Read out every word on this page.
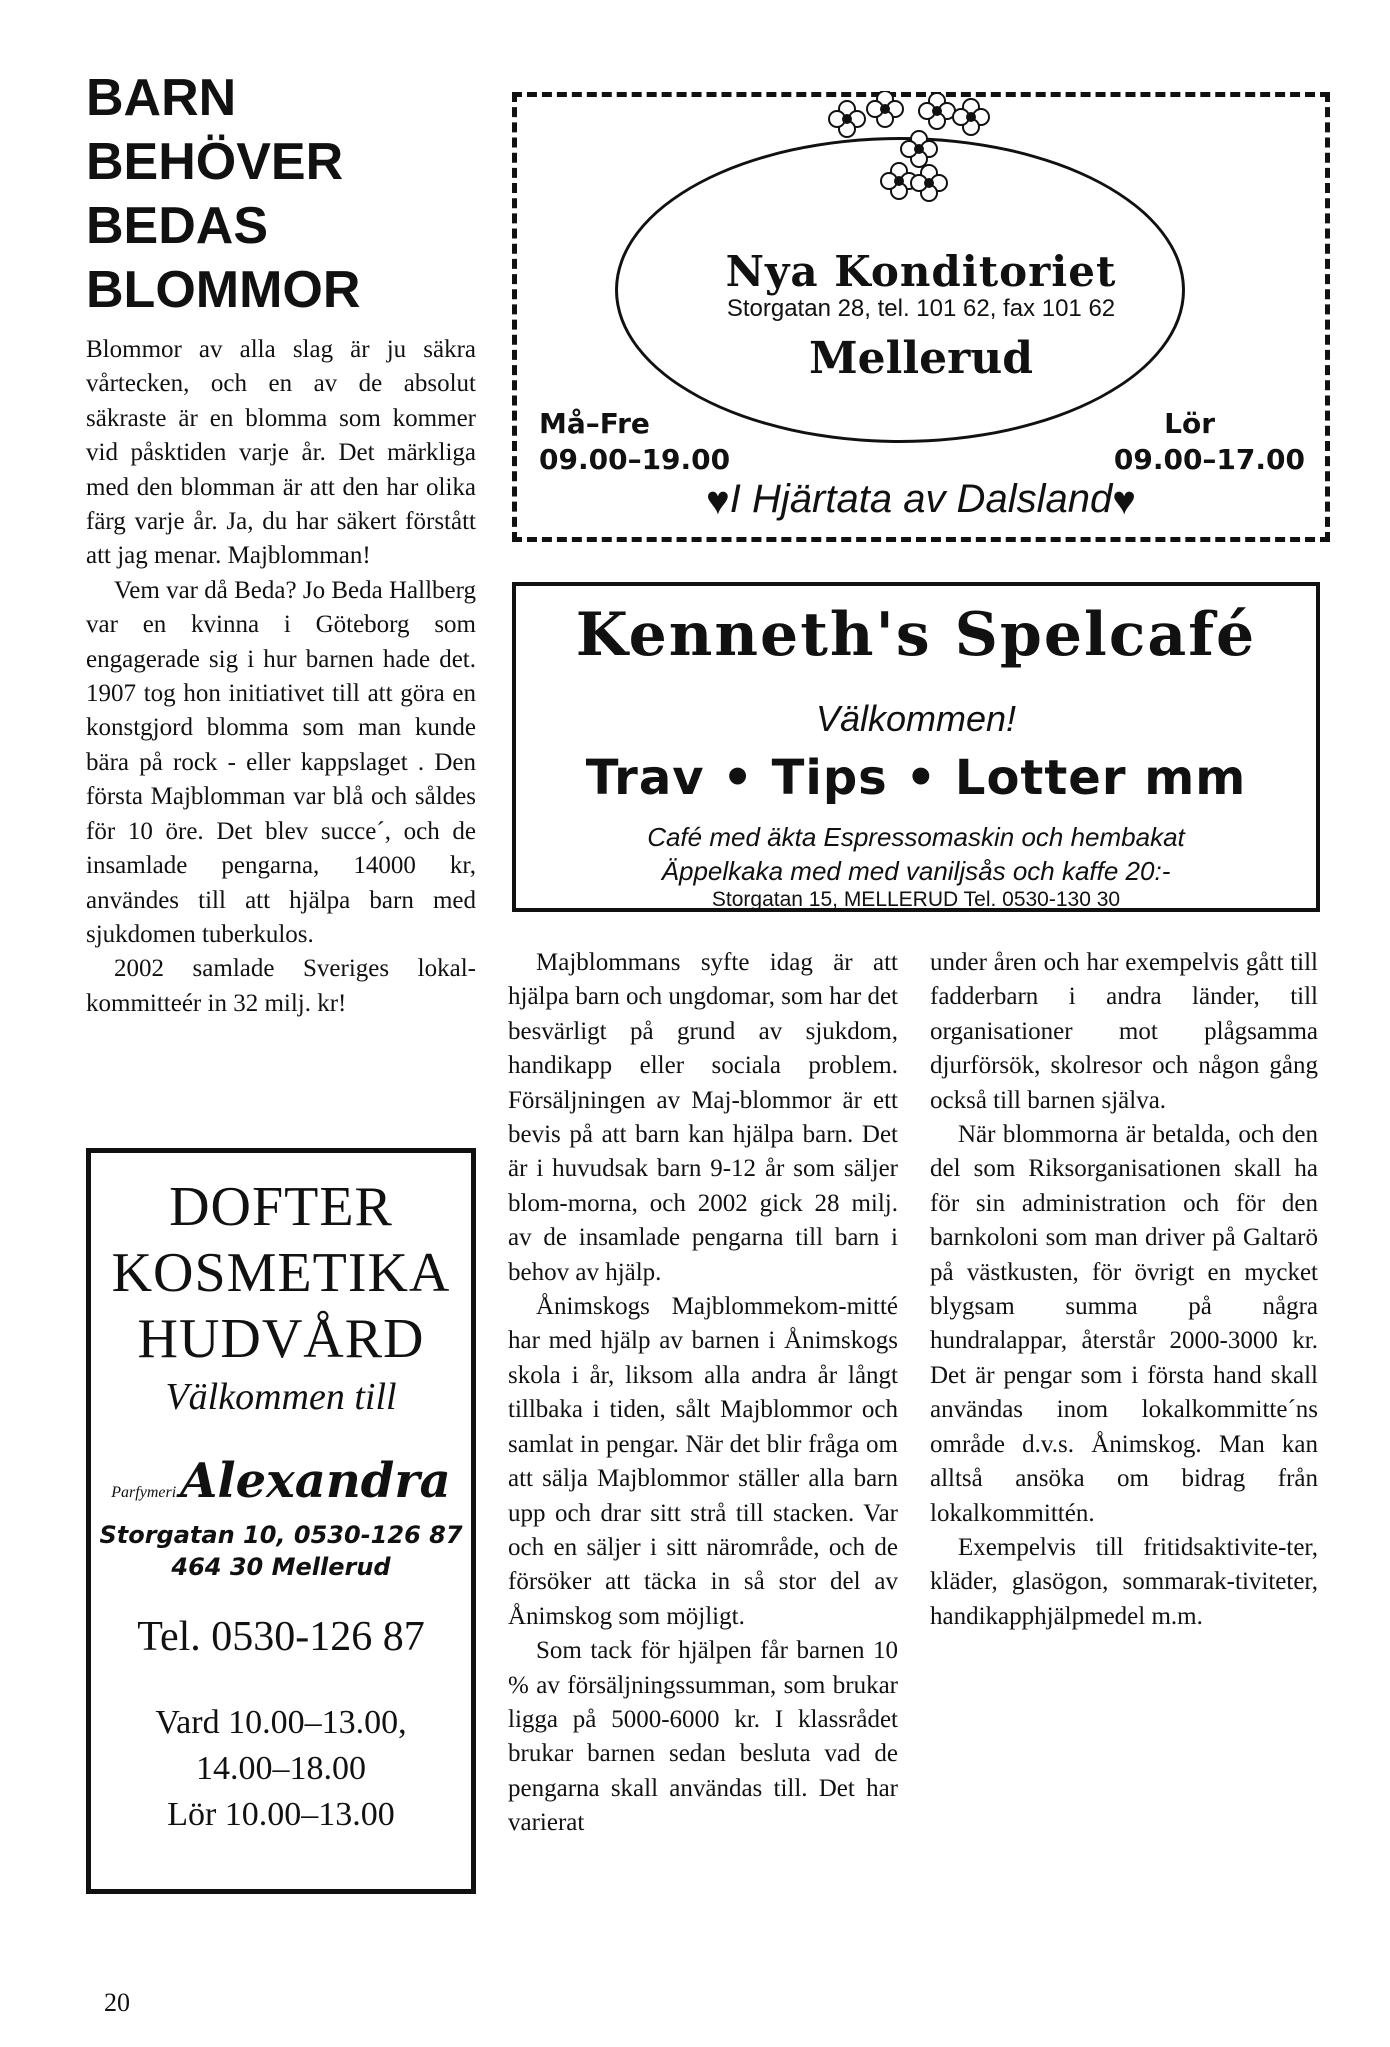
BARN
BEHÖVER
BEDAS
BLOMMOR

Blommor av alla slag är ju säkra vårtecken, och en av de absolut säkraste är en blomma som kommer vid påsktiden varje år. Det märkliga med den blomman är att den har olika färg varje år. Ja, du har säkert förstått att jag menar. Majblomman!

Vem var då Beda? Jo Beda Hallberg var en kvinna i Göteborg som engagerade sig i hur barnen hade det. 1907 tog hon initiativet till att göra en konstgjord blomma som man kunde bära på rock - eller kappslaget . Den första Majblomman var blå och såldes för 10 öre. Det blev succe´, och de insamlade pengarna, 14000 kr, användes till att hjälpa barn med sjukdomen tuberkulos.

2002 samlade Sveriges lokal-kommitteér in 32 milj. kr!

Nya Konditoriet
Storgatan 28, tel. 101 62, fax 101 62
Mellerud
Må–Fre
09.00–19.00
Lör
09.00–17.00
♥I Hjärtata av Dalsland♥
Kenneth's Spelcafé
Välkommen!
Trav • Tips • Lotter mm
Café med äkta Espressomaskin och hembakat
Äppelkaka med med vaniljsås och kaffe 20:-
Storgatan 15, MELLERUD Tel. 0530-130 30

Majblommans syfte idag är att hjälpa barn och ungdomar, som har det besvärligt på grund av sjukdom, handikapp eller sociala problem. Försäljningen av Maj-blommor är ett bevis på att barn kan hjälpa barn. Det är i huvudsak barn 9-12 år som säljer blom-morna, och 2002 gick 28 milj. av de insamlade pengarna till barn i behov av hjälp.

Ånimskogs Majblommekom-mitté har med hjälp av barnen i Ånimskogs skola i år, liksom alla andra år långt tillbaka i tiden, sålt Majblommor och samlat in pengar. När det blir fråga om att sälja Majblommor ställer alla barn upp och drar sitt strå till stacken. Var och en säljer i sitt närområde, och de försöker att täcka in så stor del av Ånimskog som möjligt.

Som tack för hjälpen får barnen 10 % av försäljningssumman, som brukar ligga på 5000-6000 kr. I klassrådet brukar barnen sedan besluta vad de pengarna skall användas till. Det har varierat

under åren och har exempelvis gått till fadderbarn i andra länder, till organisationer mot plågsamma djurförsök, skolresor och någon gång också till barnen själva.

När blommorna är betalda, och den del som Riksorganisationen skall ha för sin administration och för den barnkoloni som man driver på Galtarö på västkusten, för övrigt en mycket blygsam summa på några hundralappar, återstår 2000-3000 kr. Det är pengar som i första hand skall användas inom lokalkommitte´ns område d.v.s. Ånimskog. Man kan alltså ansöka om bidrag från lokalkommittén.

Exempelvis till fritidsaktivite-ter, kläder, glasögon, sommarak-tiviteter, handikapphjälpmedel m.m.

DOFTER
KOSMETIKA
HUDVÅRD
Välkommen till
Parfymeri Alexandra
Storgatan 10, 0530-126 87
464 30 Mellerud
Tel. 0530-126 87
Vard 10.00–13.00,
14.00–18.00
Lör 10.00–13.00
20
